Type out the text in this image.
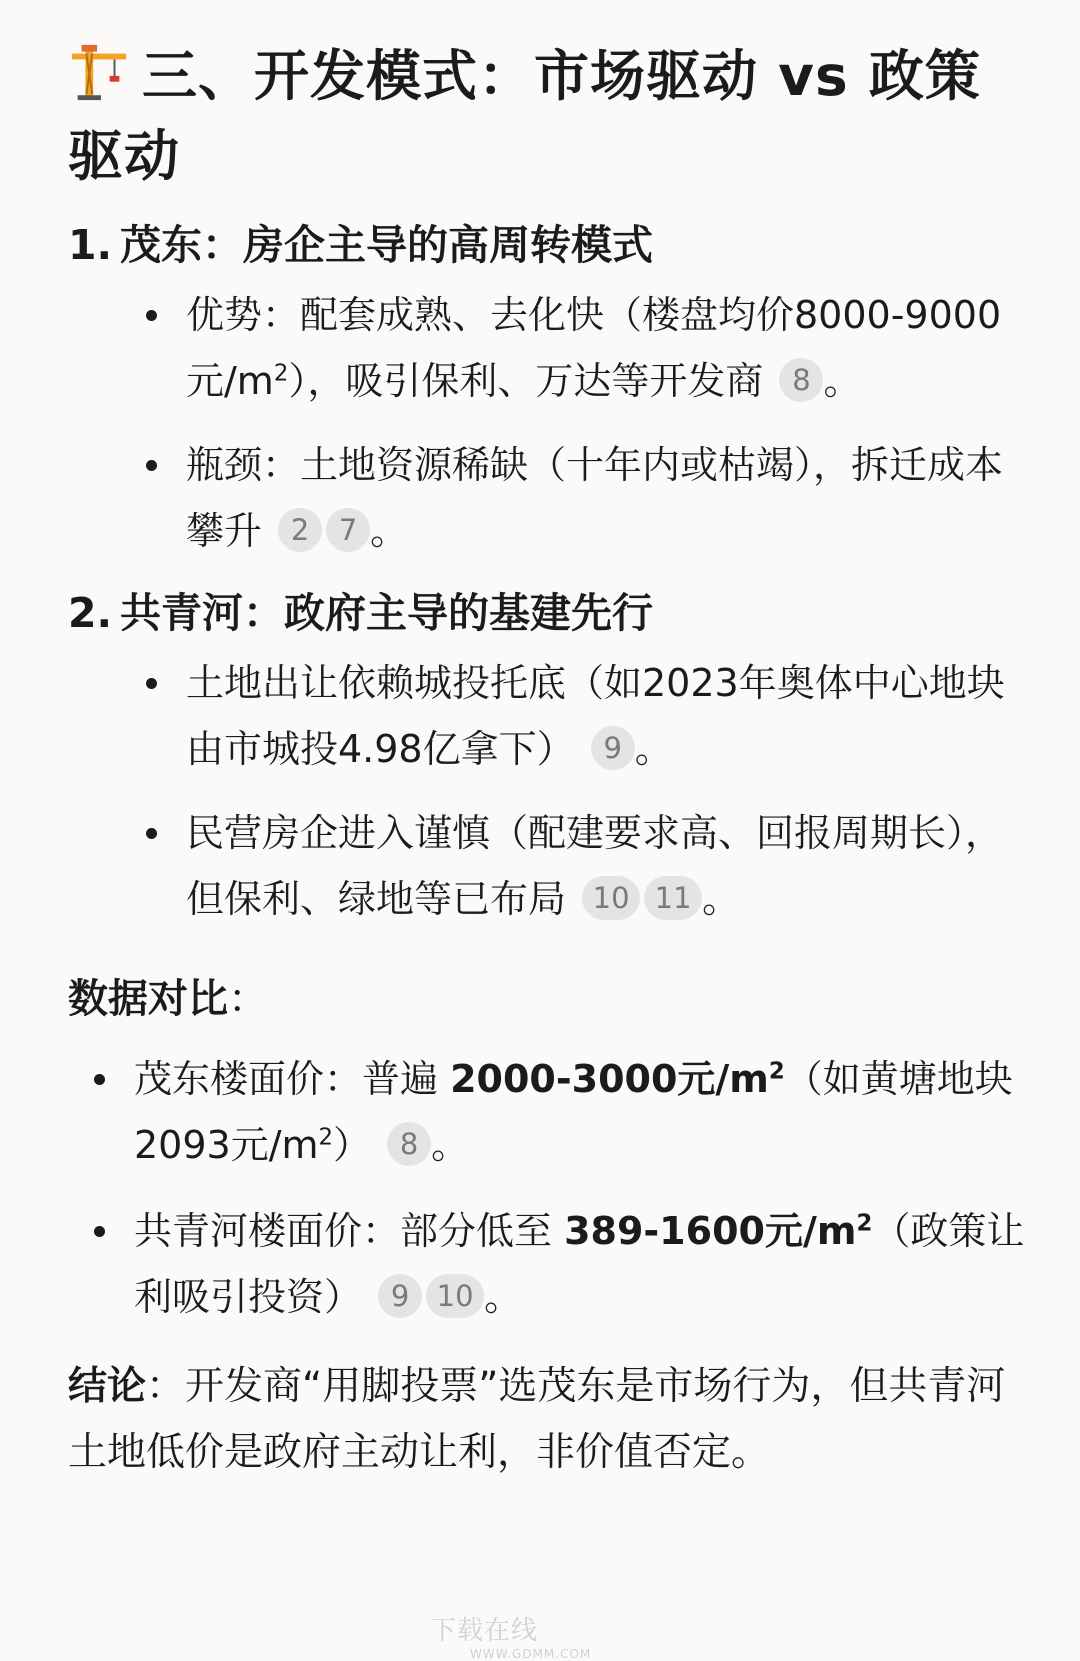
三、开发模式：市场驱动 vs 政策驱动
1. 茂东：房企主导的高周转模式
优势：配套成熟、去化快（楼盘均价8000-9000元$/m^2$），吸引保利、万达等开发商 8 。
瓶颈：土地资源稀缺（十年内或枯竭），拆迁成本攀升 2 7 。
2. 共青河：政府主导的基建先行
土地出让依赖城投托底（如2023年奥体中心地块由市城投4.98亿拿下） 9 。
民营房企进入谨慎（配建要求高、回报周期长），但保利、绿地等已布局 10 11 。
数据对比：
茂东楼面价：普遍 2000-3000元$/m^2$（如黄塘地块2093元$/m^2$） 8 。
共青河楼面价：部分低至 389-1600元$/m^2$（政策让利吸引投资） 9 10 。
结论：开发商“用脚投票”选茂东是市场行为，但共青河土地低价是政府主动让利，非价值否定。
下载在线
WWW.GDMM.COM
